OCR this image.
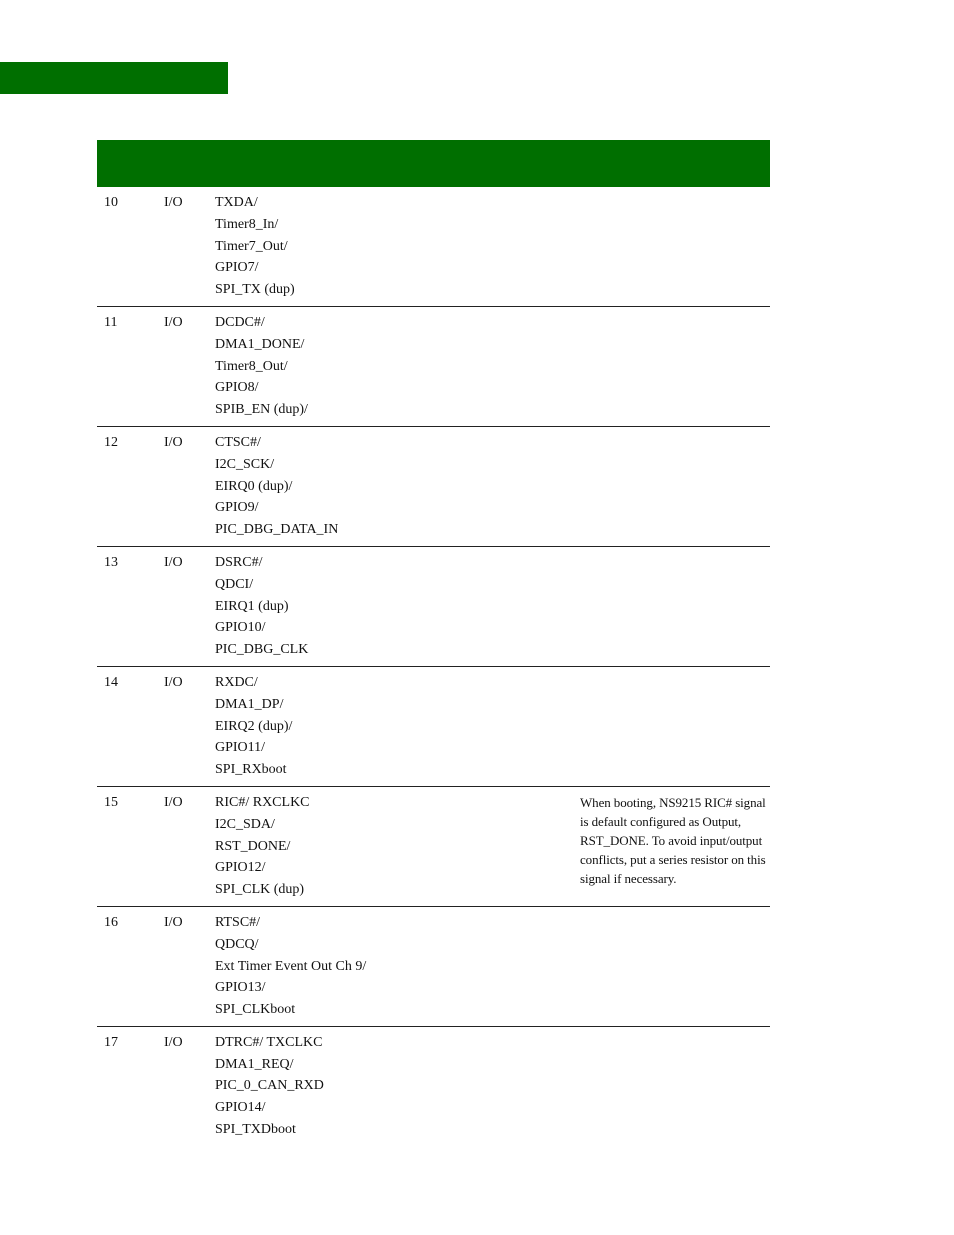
10	I/O TXDA/
Timer8_In/
Timer7_Out/
GPIO7/
SPI_TX (dup)
11	I/O DCDC#/
DMA1_DONE/
Timer8_Out/
GPIO8/
SPIB_EN (dup)/
12	I/O CTSC#/
I2C_SCK/
EIRQ0 (dup)/
GPIO9/
PIC_DBG_DATA_IN
13	I/O DSRC#/
QDCI/
EIRQ1 (dup)
GPIO10/
PIC_DBG_CLK
14	I/O RXDC/
DMA1_DP/
EIRQ2 (dup)/
GPIO11/
SPI_RXboot
15	I/O RIC#/ RXCLKC
I2C_SDA/
RST_DONE/
GPIO12/
SPI_CLK (dup)
When booting, NS9215 RIC# signal is default configured as Output, RST_DONE. To avoid input/output conflicts, put a series resistor on this signal if necessary.
16	I/O RTSC#/
QDCQ/
Ext Timer Event Out Ch 9/
GPIO13/
SPI_CLKboot
17	I/O DTRC#/ TXCLKC
DMA1_REQ/
PIC_0_CAN_RXD
GPIO14/
SPI_TXDboot
